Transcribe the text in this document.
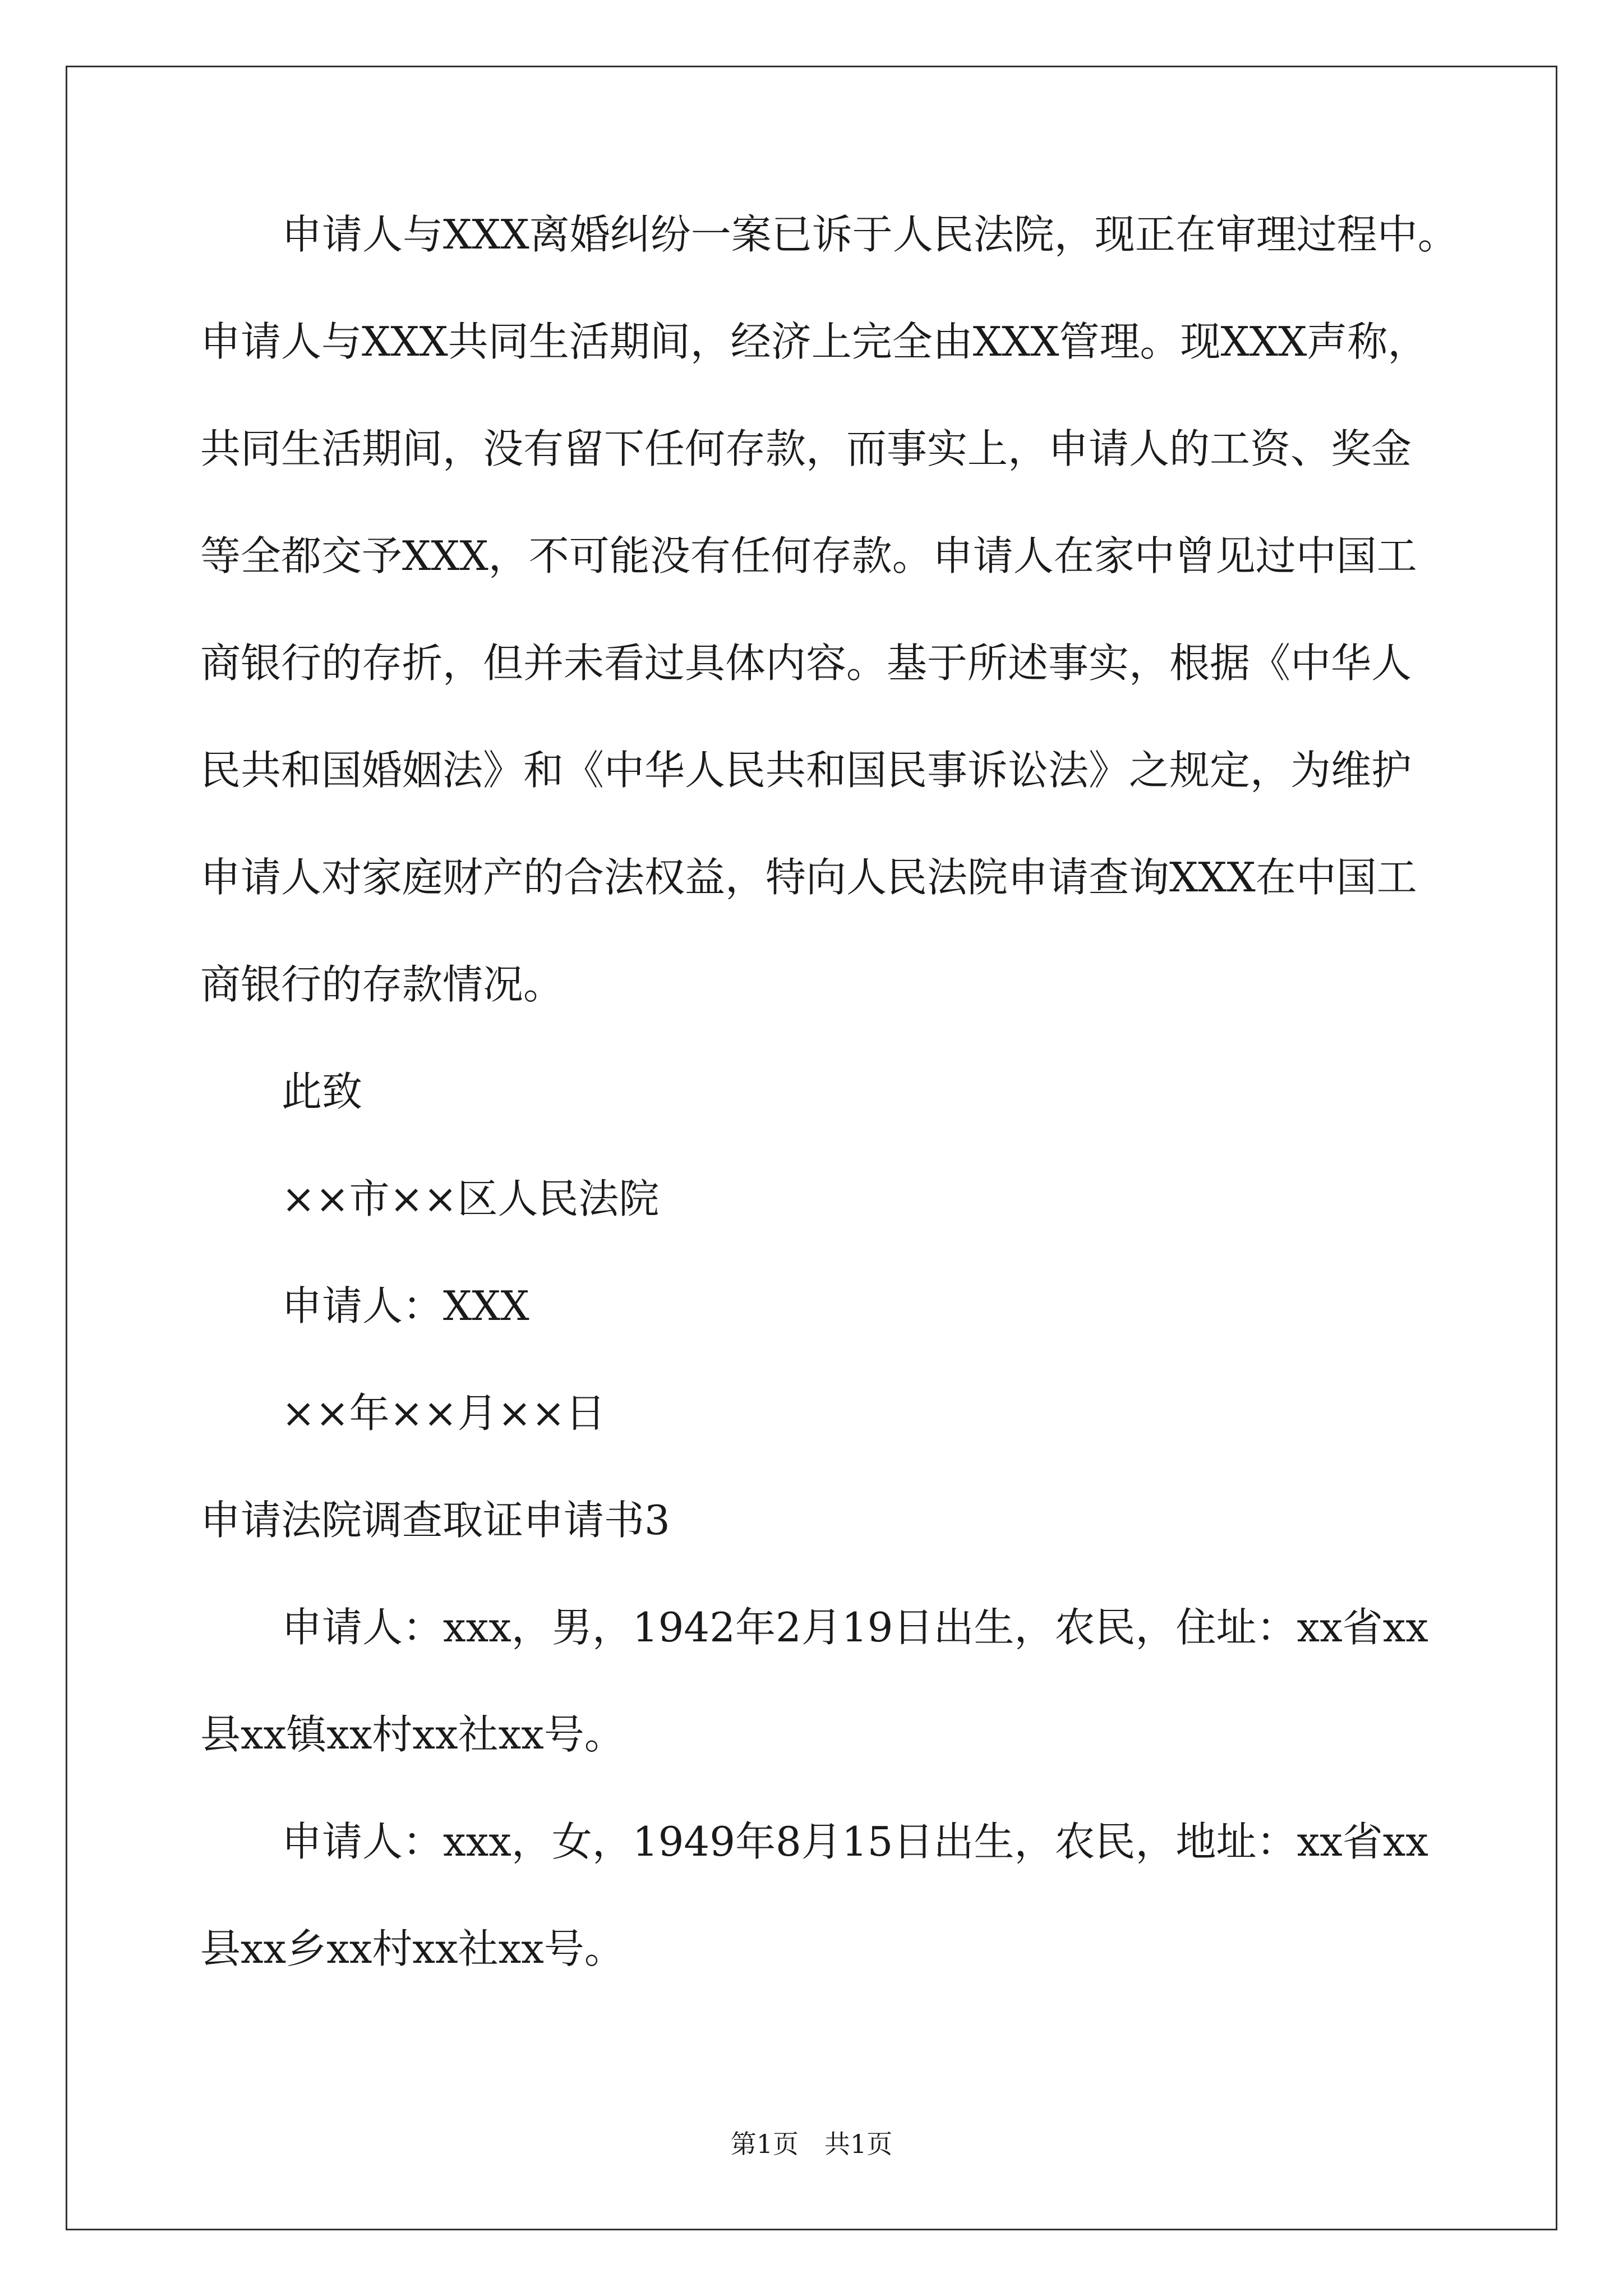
申请人与XXX离婚纠纷一案已诉于人民法院，现正在审理过程中。
申请人与XXX共同生活期间，经济上完全由XXX管理。现XXX声称，
共同生活期间，没有留下任何存款，而事实上，申请人的工资、奖金
等全都交予XXX，不可能没有任何存款。申请人在家中曾见过中国工
商银行的存折，但并未看过具体内容。基于所述事实，根据《中华人
民共和国婚姻法》和《中华人民共和国民事诉讼法》之规定，为维护
申请人对家庭财产的合法权益，特向人民法院申请查询XXX在中国工
商银行的存款情况。
此致
××市××区人民法院
申请人：XXX
××年××月××日
申请法院调查取证申请书3
申请人：xxx，男，1942年2月19日出生，农民，住址：xx省xx
县xx镇xx村xx社xx号。
申请人：xxx，女，1949年8月15日出生，农民，地址：xx省xx
县xx乡xx村xx社xx号。
第1页　共1页
